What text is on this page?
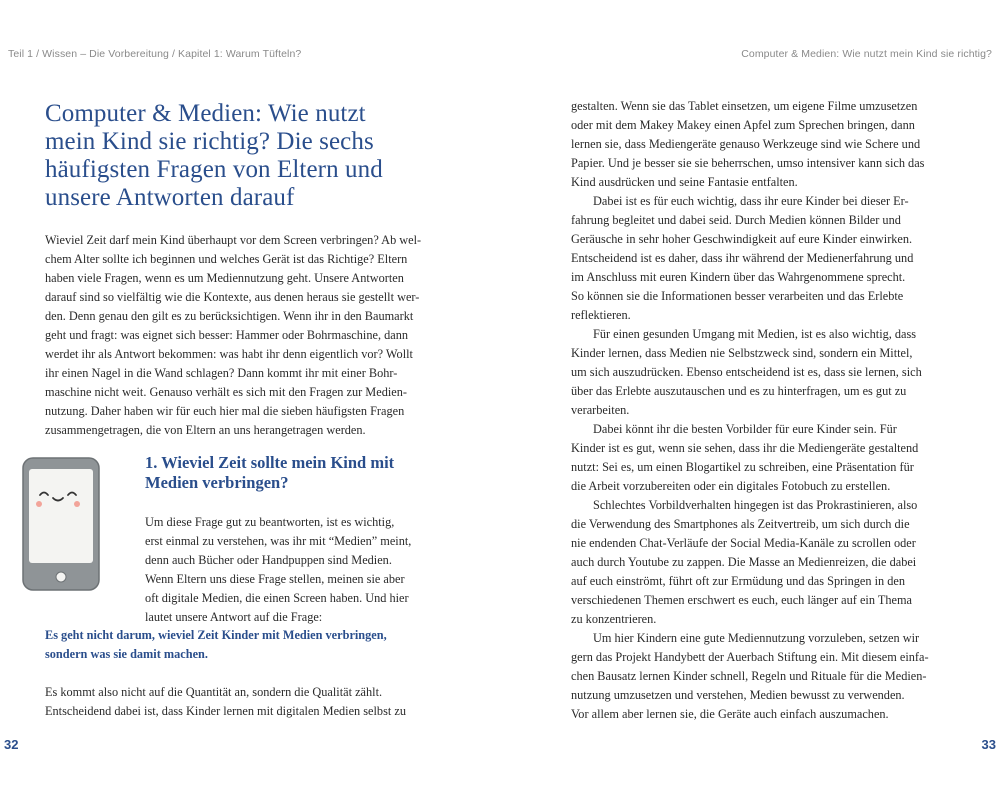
Teil 1 / Wissen – Die Vorbereitung / Kapitel 1: Warum Tüfteln?	Computer & Medien: Wie nutzt mein Kind sie richtig?
Computer & Medien: Wie nutzt
mein Kind sie richtig? Die sechs
häufigsten Fragen von Eltern und
unsere Antworten darauf

Wieviel Zeit darf mein Kind überhaupt vor dem Screen verbringen? Ab wel-
chem Alter sollte ich beginnen und welches Gerät ist das Richtige? Eltern
haben viele Fragen, wenn es um Mediennutzung geht. Unsere Antworten
darauf sind so vielfältig wie die Kontexte, aus denen heraus sie gestellt wer-
den. Denn genau den gilt es zu berücksichtigen. Wenn ihr in den Baumarkt
geht und fragt: was eignet sich besser: Hammer oder Bohrmaschine, dann
werdet ihr als Antwort bekommen: was habt ihr denn eigentlich vor? Wollt
ihr einen Nagel in die Wand schlagen? Dann kommt ihr mit einer Bohr-
maschine nicht weit. Genauso verhält es sich mit den Fragen zur Medien-
nutzung. Daher haben wir für euch hier mal die sieben häufigsten Fragen
zusammengetragen, die von Eltern an uns herangetragen werden.

1. Wieviel Zeit sollte mein Kind mit
Medien verbringen?

Um diese Frage gut zu beantworten, ist es wichtig,
erst einmal zu verstehen, was ihr mit “Medien” meint,
denn auch Bücher oder Handpuppen sind Medien.
Wenn Eltern uns diese Frage stellen, meinen sie aber
oft digitale Medien, die einen Screen haben. Und hier
lautet unsere Antwort auf die Frage:

Es geht nicht darum, wieviel Zeit Kinder mit Medien verbringen,
sondern was sie damit machen.

Es kommt also nicht auf die Quantität an, sondern die Qualität zählt.
Entscheidend dabei ist, dass Kinder lernen mit digitalen Medien selbst zu

gestalten. Wenn sie das Tablet einsetzen, um eigene Filme umzusetzen
oder mit dem Makey Makey einen Apfel zum Sprechen bringen, dann
lernen sie, dass Mediengeräte genauso Werkzeuge sind wie Schere und
Papier. Und je besser sie sie beherrschen, umso intensiver kann sich das
Kind ausdrücken und seine Fantasie entfalten.

Dabei ist es für euch wichtig, dass ihr eure Kinder bei dieser Er-
fahrung begleitet und dabei seid. Durch Medien können Bilder und
Geräusche in sehr hoher Geschwindigkeit auf eure Kinder einwirken.
Entscheidend ist es daher, dass ihr während der Medienerfahrung und
im Anschluss mit euren Kindern über das Wahrgenommene sprecht.
So können sie die Informationen besser verarbeiten und das Erlebte
reflektieren.

Für einen gesunden Umgang mit Medien, ist es also wichtig, dass
Kinder lernen, dass Medien nie Selbstzweck sind, sondern ein Mittel,
um sich auszudrücken. Ebenso entscheidend ist es, dass sie lernen, sich
über das Erlebte auszutauschen und es zu hinterfragen, um es gut zu
verarbeiten.

Dabei könnt ihr die besten Vorbilder für eure Kinder sein. Für
Kinder ist es gut, wenn sie sehen, dass ihr die Mediengeräte gestaltend
nutzt: Sei es, um einen Blogartikel zu schreiben, eine Präsentation für
die Arbeit vorzubereiten oder ein digitales Fotobuch zu erstellen.

Schlechtes Vorbildverhalten hingegen ist das Prokrastinieren, also
die Verwendung des Smartphones als Zeitvertreib, um sich durch die
nie endenden Chat-Verläufe der Social Media-Kanäle zu scrollen oder
auch durch Youtube zu zappen. Die Masse an Medienreizen, die dabei
auf euch einströmt, führt oft zur Ermüdung und das Springen in den
verschiedenen Themen erschwert es euch, euch länger auf ein Thema
zu konzentrieren.

Um hier Kindern eine gute Mediennutzung vorzuleben, setzen wir
gern das Projekt Handybett der Auerbach Stiftung ein. Mit diesem einfa-
chen Bausatz lernen Kinder schnell, Regeln und Rituale für die Medien-
nutzung umzusetzen und verstehen, Medien bewusst zu verwenden.
Vor allem aber lernen sie, die Geräte auch einfach auszumachen.

32	33
